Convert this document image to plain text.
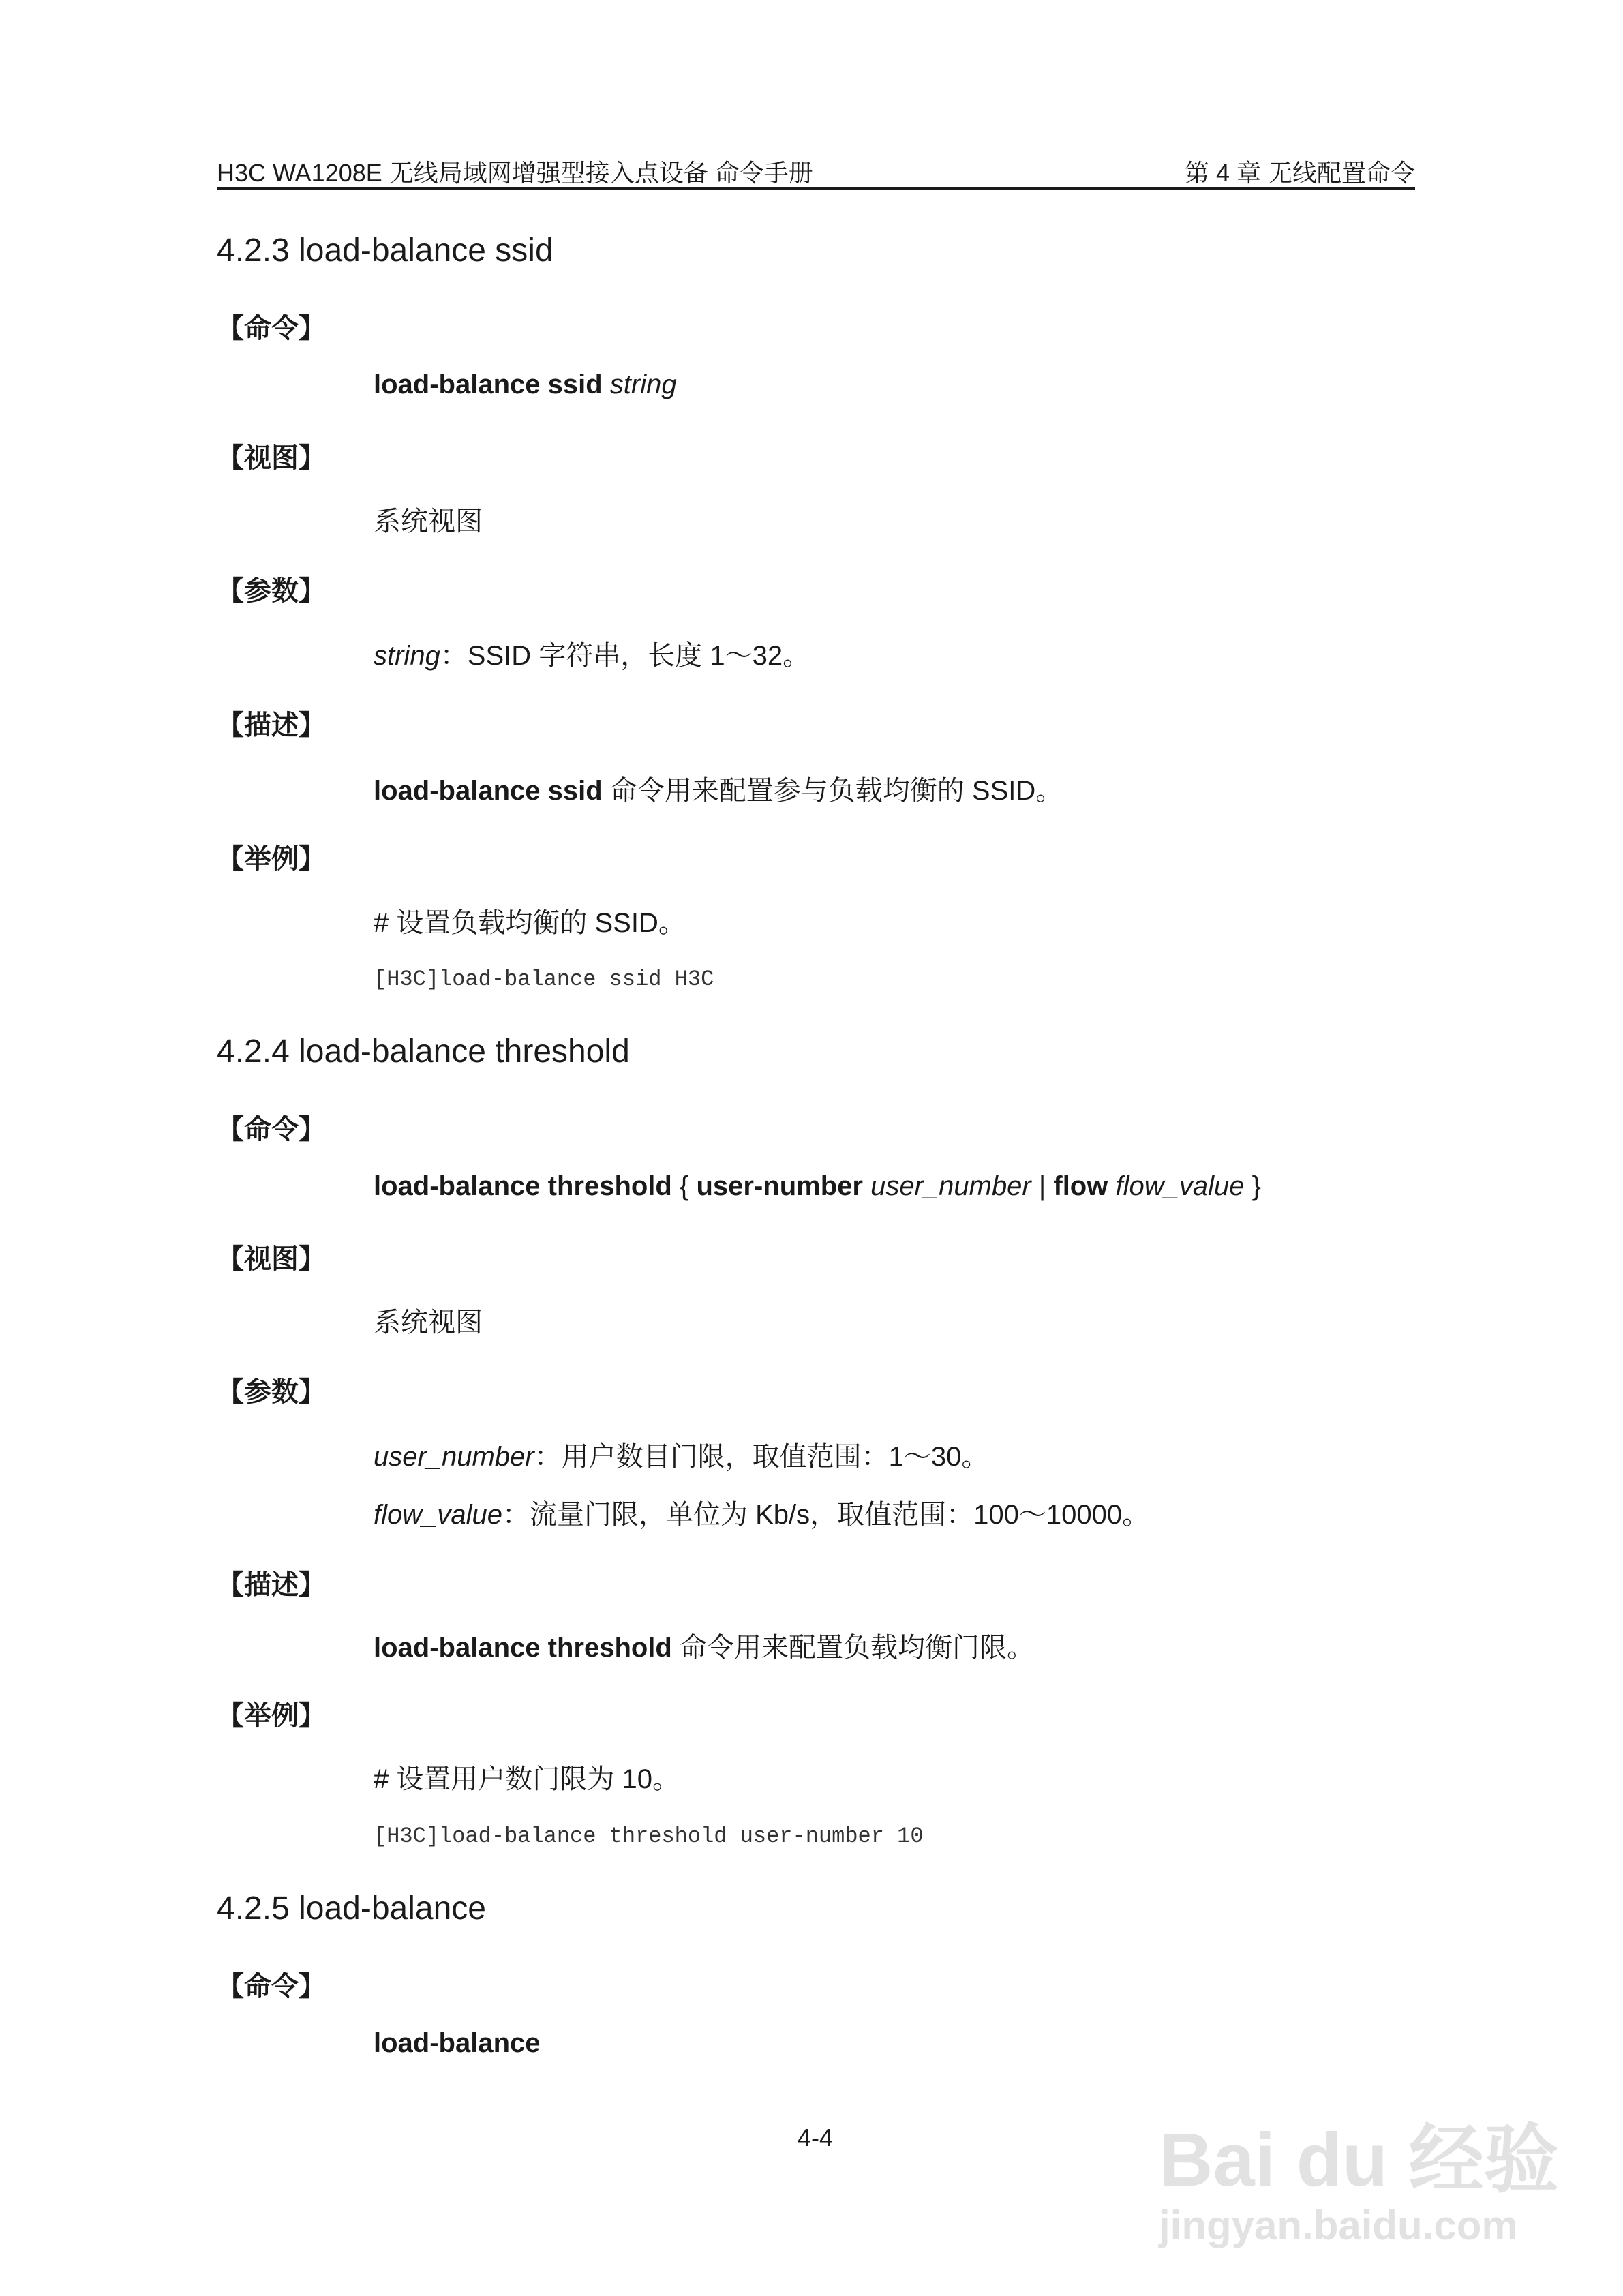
H3C WA1208E 无线局域网增强型接入点设备 命令手册	第 4 章 无线配置命令
4.2.3 load-balance ssid
【命令】
load-balance ssid string
【视图】
系统视图
【参数】
string：SSID 字符串，长度 1～32。
【描述】
load-balance ssid 命令用来配置参与负载均衡的 SSID。
【举例】
# 设置负载均衡的 SSID。
[H3C]load-balance ssid H3C
4.2.4 load-balance threshold
【命令】
load-balance threshold { user-number user_number | flow flow_value }
【视图】
系统视图
【参数】
user_number：用户数目门限，取值范围：1～30。
flow_value：流量门限，单位为 Kb/s，取值范围：100～10000。
【描述】
load-balance threshold 命令用来配置负载均衡门限。
【举例】
# 设置用户数门限为 10。
[H3C]load-balance threshold user-number 10
4.2.5 load-balance
【命令】
load-balance
4-4	Bai du 经验
jingyan.baidu.com
